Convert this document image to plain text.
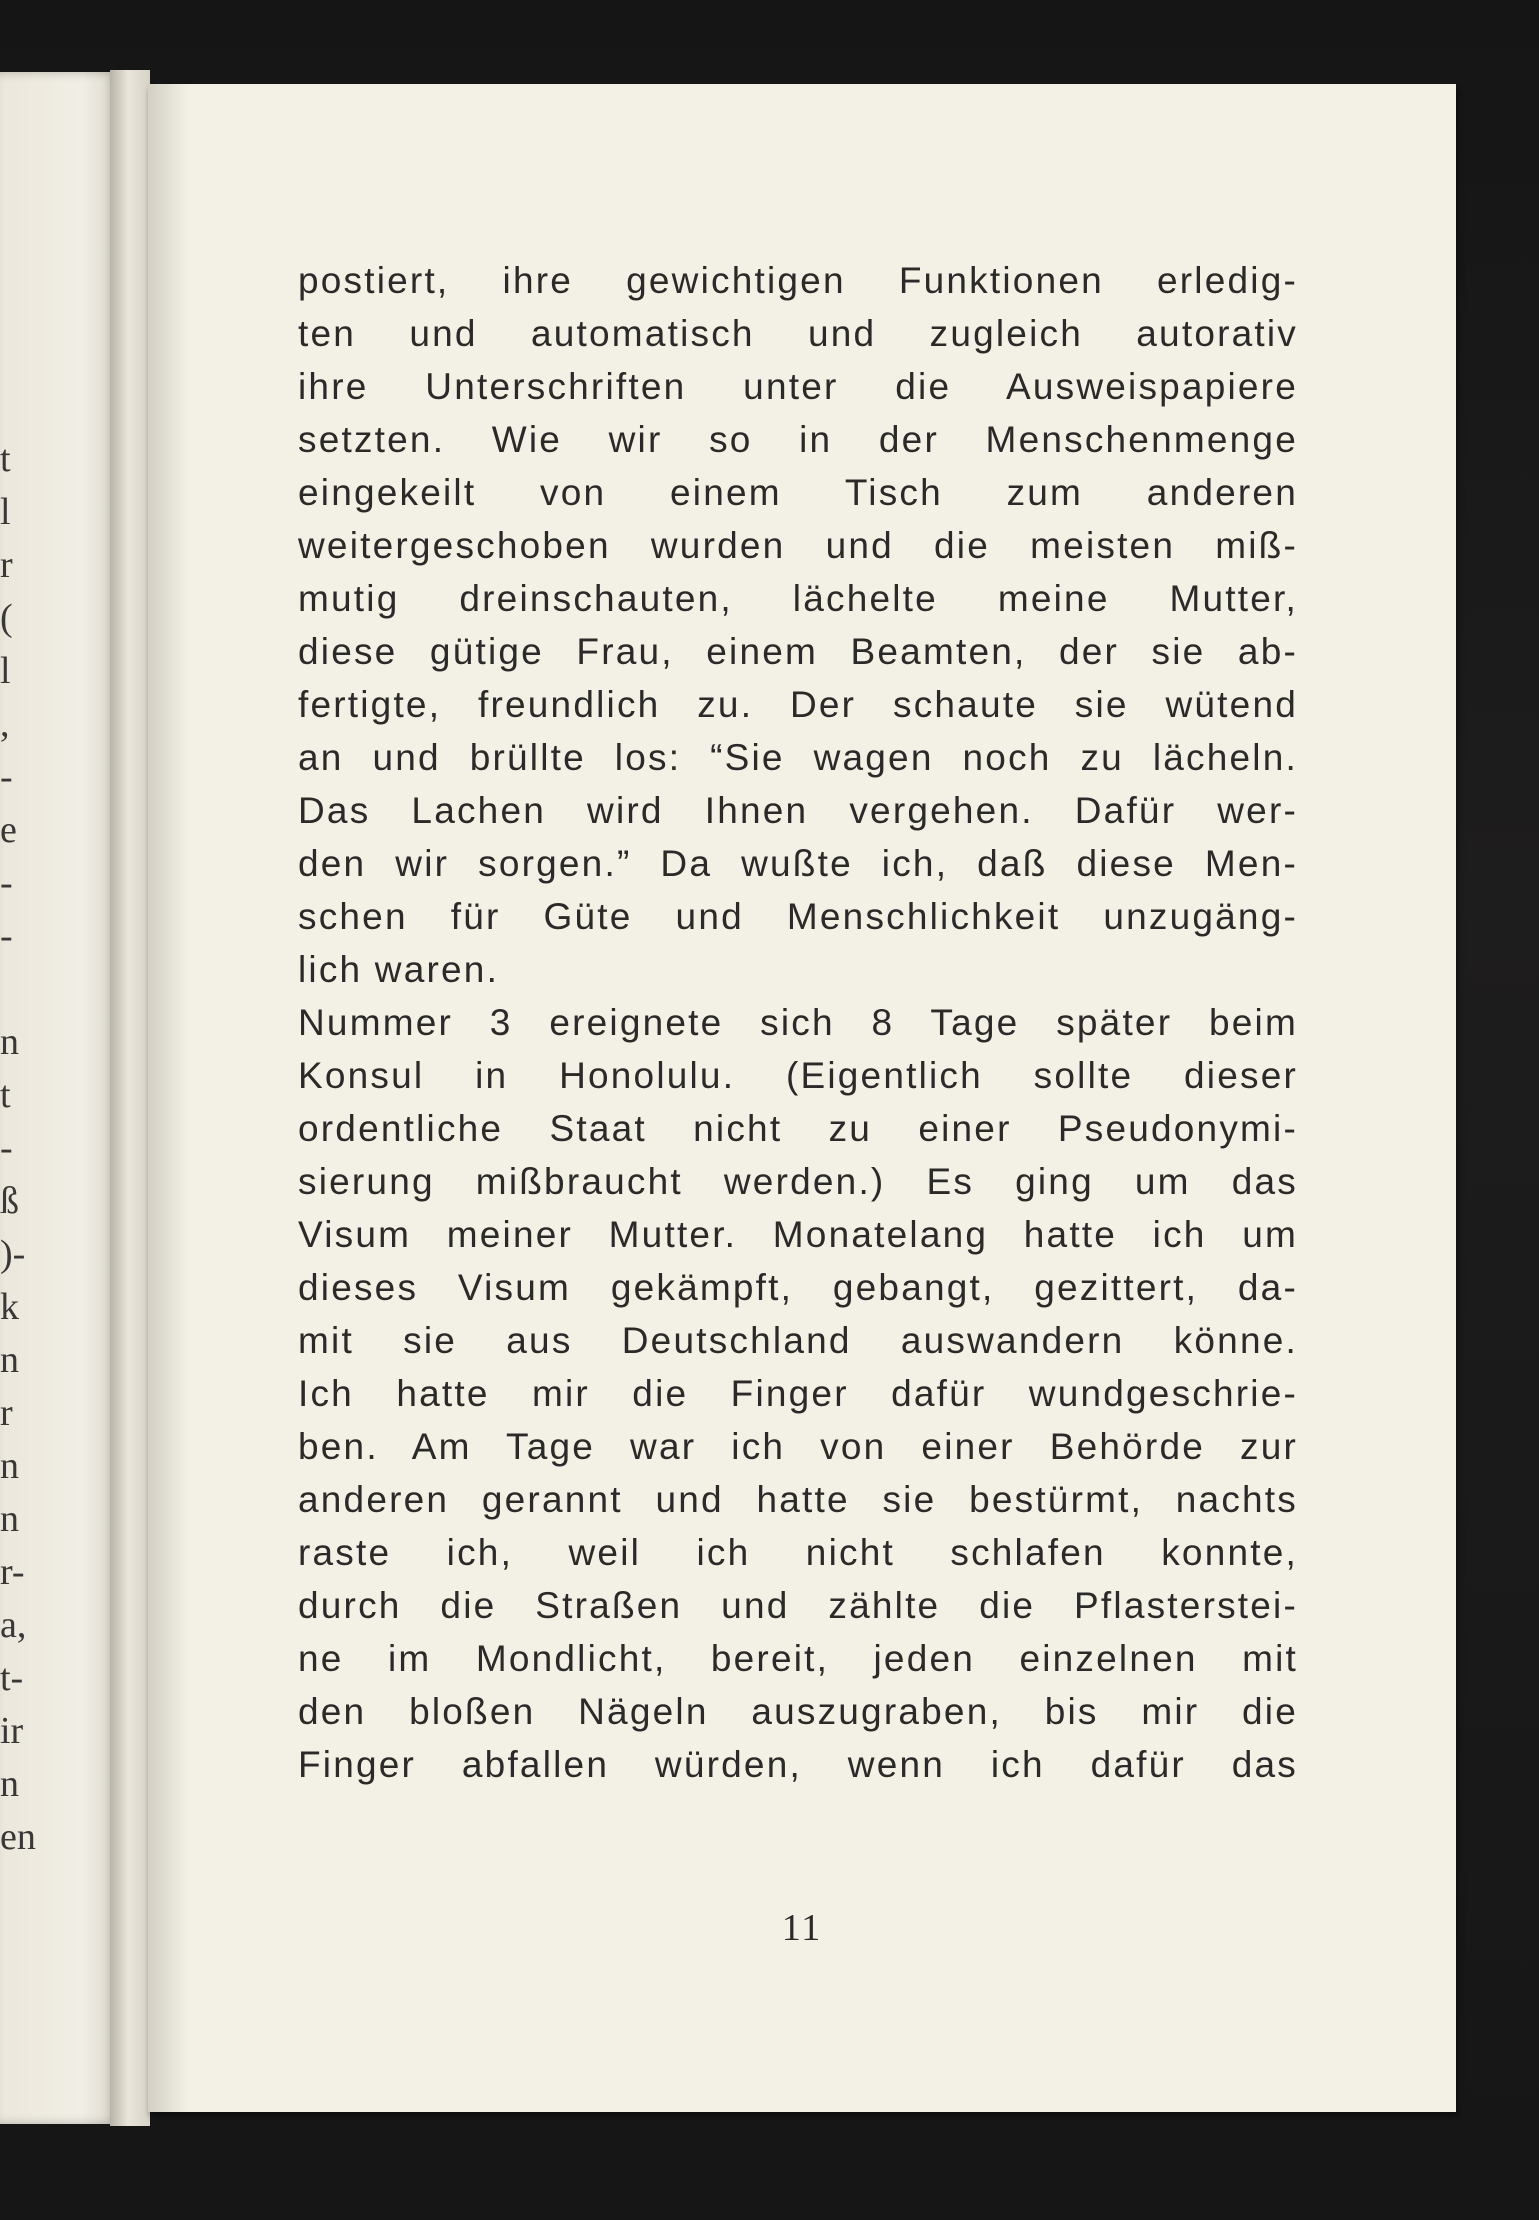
t
l
r
(
l
,
-
e
-
-
n
t
-
ß
)-
k
n
r
n
n
r-
a,
t-
ir
n
en
postiert, ihre gewichtigen Funktionen erledig-
ten und automatisch und zugleich autorativ
ihre Unterschriften unter die Ausweispapiere
setzten. Wie wir so in der Menschenmenge
eingekeilt von einem Tisch zum anderen
weitergeschoben wurden und die meisten miß-
mutig dreinschauten, lächelte meine Mutter,
diese gütige Frau, einem Beamten, der sie ab-
fertigte, freundlich zu. Der schaute sie wütend
an und brüllte los: “Sie wagen noch zu lächeln.
Das Lachen wird Ihnen vergehen. Dafür wer-
den wir sorgen.” Da wußte ich, daß diese Men-
schen für Güte und Menschlichkeit unzugäng-
lich waren.
Nummer 3 ereignete sich 8 Tage später beim
Konsul in Honolulu. (Eigentlich sollte dieser
ordentliche Staat nicht zu einer Pseudonymi-
sierung mißbraucht werden.) Es ging um das
Visum meiner Mutter. Monatelang hatte ich um
dieses Visum gekämpft, gebangt, gezittert, da-
mit sie aus Deutschland auswandern könne.
Ich hatte mir die Finger dafür wundgeschrie-
ben. Am Tage war ich von einer Behörde zur
anderen gerannt und hatte sie bestürmt, nachts
raste ich, weil ich nicht schlafen konnte,
durch die Straßen und zählte die Pflasterstei-
ne im Mondlicht, bereit, jeden einzelnen mit
den bloßen Nägeln auszugraben, bis mir die
Finger abfallen würden, wenn ich dafür das
11
